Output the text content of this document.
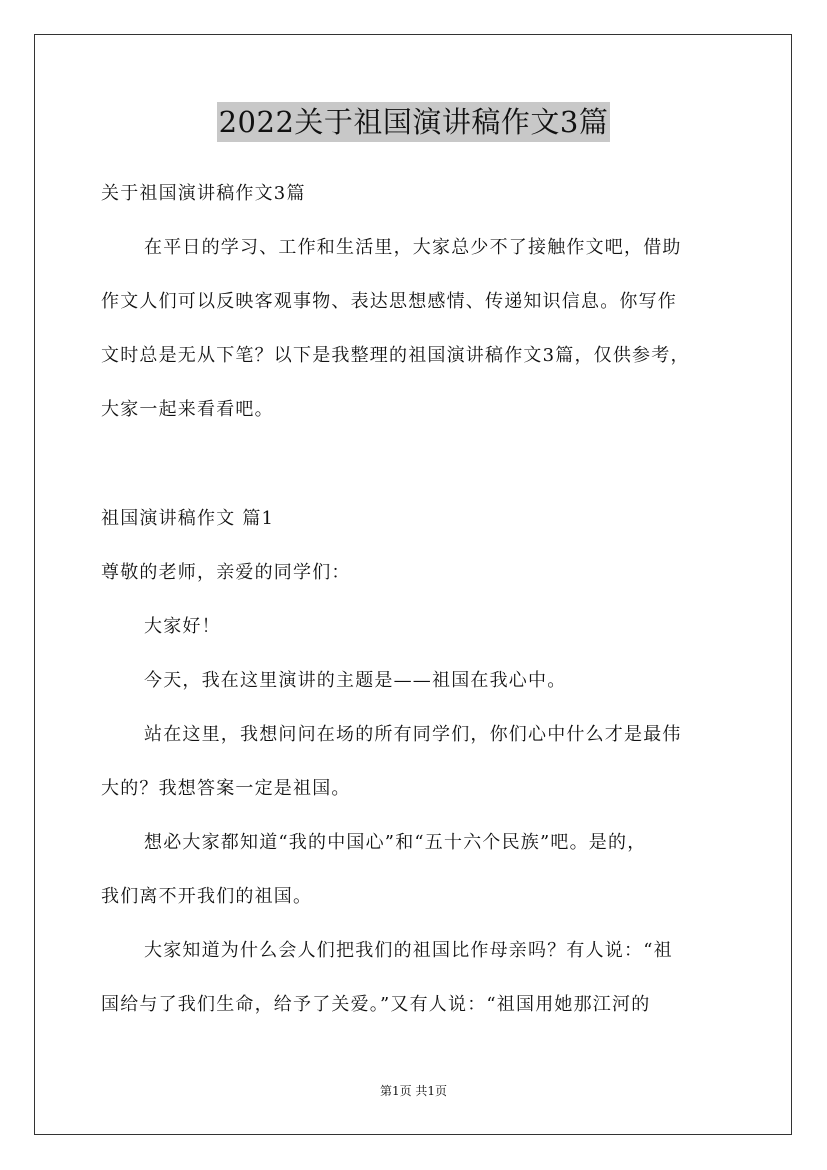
2022关于祖国演讲稿作文3篇
关于祖国演讲稿作文3篇
在平日的学习、工作和生活里，大家总少不了接触作文吧，借助
作文人们可以反映客观事物、表达思想感情、传递知识信息。你写作
文时总是无从下笔？以下是我整理的祖国演讲稿作文3篇，仅供参考，
大家一起来看看吧。
祖国演讲稿作文 篇1
尊敬的老师，亲爱的同学们：
大家好！
今天，我在这里演讲的主题是——祖国在我心中。
站在这里，我想问问在场的所有同学们，你们心中什么才是最伟
大的？我想答案一定是祖国。
想必大家都知道“我的中国心”和“五十六个民族”吧。是的，
我们离不开我们的祖国。
大家知道为什么会人们把我们的祖国比作母亲吗？有人说：“祖
国给与了我们生命，给予了关爱。”又有人说：“祖国用她那江河的
第1页 共1页
